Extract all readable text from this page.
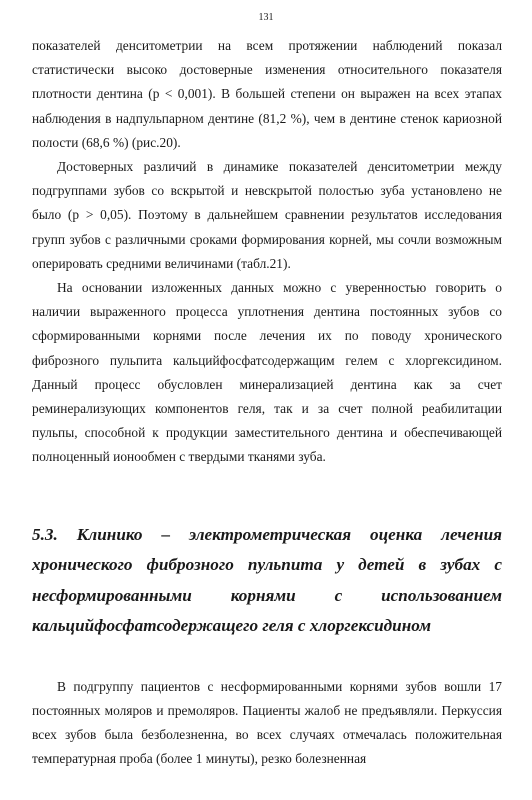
131

показателей денситометрии на всем протяжении наблюдений показал статистически высоко достоверные изменения относительного показателя плотности дентина (p < 0,001). В большей степени он выражен на всех этапах наблюдения в надпульпарном дентине (81,2 %), чем в дентине стенок кариозной полости (68,6 %) (рис.20).

Достоверных различий в динамике показателей денситометрии между подгруппами зубов со вскрытой и невскрытой полостью зуба установлено не было (p > 0,05). Поэтому в дальнейшем сравнении результатов исследования групп зубов с различными сроками формирования корней, мы сочли возможным оперировать средними величинами (табл.21).

На основании изложенных данных можно с уверенностью говорить о наличии выраженного процесса уплотнения дентина постоянных зубов со сформированными корнями после лечения их по поводу хронического фиброзного пульпита кальцийфосфатсодержащим гелем с хлоргексидином. Данный процесс обусловлен минерализацией дентина как за счет реминерализующих компонентов геля, так и за счет полной реабилитации пульпы, способной к продукции заместительного дентина и обеспечивающей полноценный ионообмен с твердыми тканями зуба.

5.3. Клинико – электрометрическая оценка лечения хронического фиброзного пульпита у детей в зубах с несформированными корнями с использованием кальцийфосфатсодержащего геля с хлоргексидином

В подгруппу пациентов с несформированными корнями зубов вошли 17 постоянных моляров и премоляров. Пациенты жалоб не предъявляли. Перкуссия всех зубов была безболезненна, во всех случаях отмечалась положительная температурная проба (более 1 минуты), резко болезненная
